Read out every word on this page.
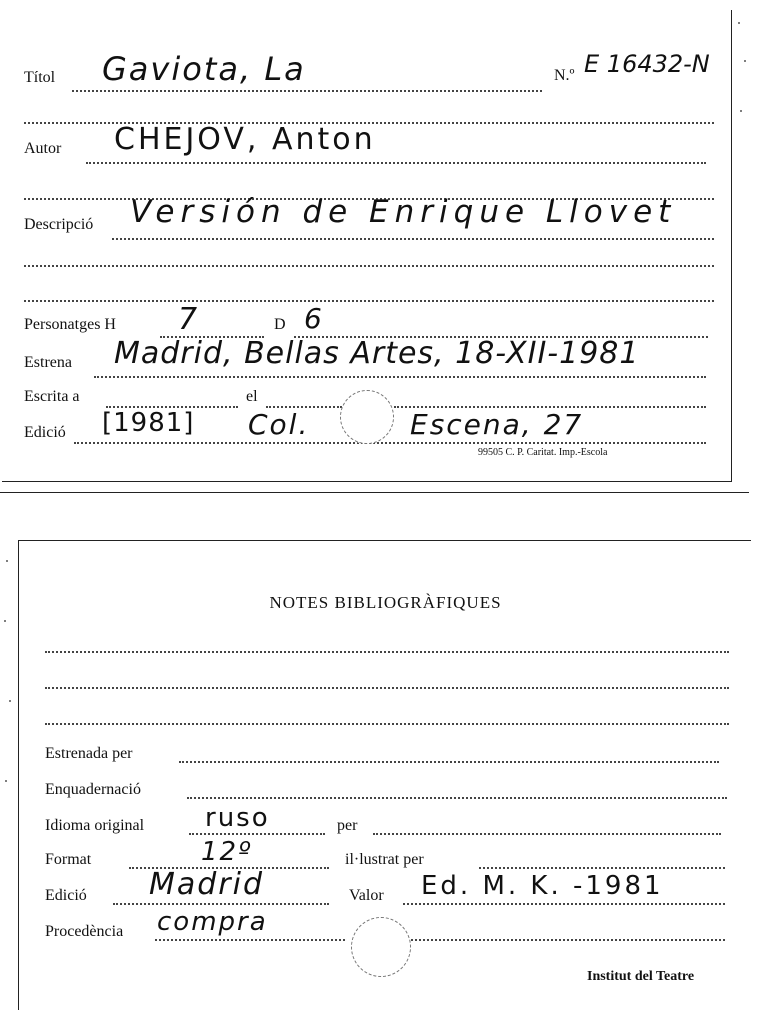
Títol Gaviota, La	N.º E 16432-N
Autor CHEJOV, Anton
Descripció Versión de Enrique Llovet
Personatges H 7	D 6
Estrena Madrid, Bellas Artes, 18-XII-1981
Escrita a	el
Edició [1981] Col.	Escena, 27
99505 C. P. Caritat. Imp.-Escola
NOTES BIBLIOGRÀFIQUES
Estrenada per
Enquadernació
Idioma original ruso	per
Format	12º	il·lustrat per
Edició Madrid	Valor Ed. M. K. -1981
Procedència compra
Institut del Teatre
